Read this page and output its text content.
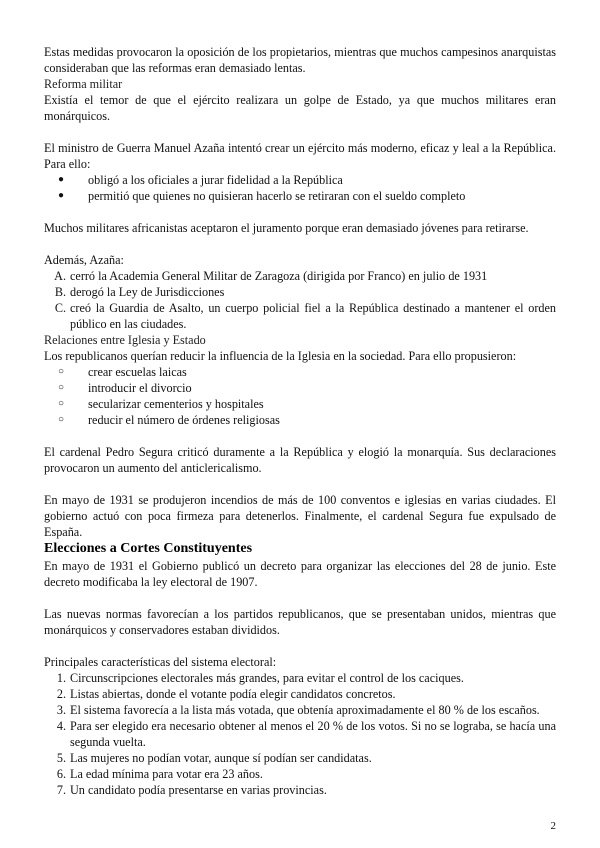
Estas medidas provocaron la oposición de los propietarios, mientras que muchos campesinos anarquistas consideraban que las reformas eran demasiado lentas.

Reforma militar

Existía el temor de que el ejército realizara un golpe de Estado, ya que muchos militares eran monárquicos.

El ministro de Guerra Manuel Azaña intentó crear un ejército más moderno, eficaz y leal a la República. Para ello:

● obligó a los oficiales a jurar fidelidad a la República
● permitió que quienes no quisieran hacerlo se retiraran con el sueldo completo

Muchos militares africanistas aceptaron el juramento porque eran demasiado jóvenes para retirarse.

Además, Azaña:

A. cerró la Academia General Militar de Zaragoza (dirigida por Franco) en julio de 1931
B. derogó la Ley de Jurisdicciones
C. creó la Guardia de Asalto, un cuerpo policial fiel a la República destinado a mantener el orden público en las ciudades.
Relaciones entre Iglesia y Estado

Los republicanos querían reducir la influencia de la Iglesia en la sociedad. Para ello propusieron:

○ crear escuelas laicas
○ introducir el divorcio
○ secularizar cementerios y hospitales
○ reducir el número de órdenes religiosas

El cardenal Pedro Segura criticó duramente a la República y elogió la monarquía. Sus declaraciones provocaron un aumento del anticlericalismo.

En mayo de 1931 se produjeron incendios de más de 100 conventos e iglesias en varias ciudades. El gobierno actuó con poca firmeza para detenerlos. Finalmente, el cardenal Segura fue expulsado de España.

Elecciones a Cortes Constituyentes

En mayo de 1931 el Gobierno publicó un decreto para organizar las elecciones del 28 de junio. Este decreto modificaba la ley electoral de 1907.

Las nuevas normas favorecían a los partidos republicanos, que se presentaban unidos, mientras que monárquicos y conservadores estaban divididos.

Principales características del sistema electoral:

1. Circunscripciones electorales más grandes, para evitar el control de los caciques.
2. Listas abiertas, donde el votante podía elegir candidatos concretos.
3. El sistema favorecía a la lista más votada, que obtenía aproximadamente el 80 % de los escaños.
4. Para ser elegido era necesario obtener al menos el 20 % de los votos. Si no se lograba, se hacía una segunda vuelta.
5. Las mujeres no podían votar, aunque sí podían ser candidatas.
6. La edad mínima para votar era 23 años.
7. Un candidato podía presentarse en varias provincias.
2
